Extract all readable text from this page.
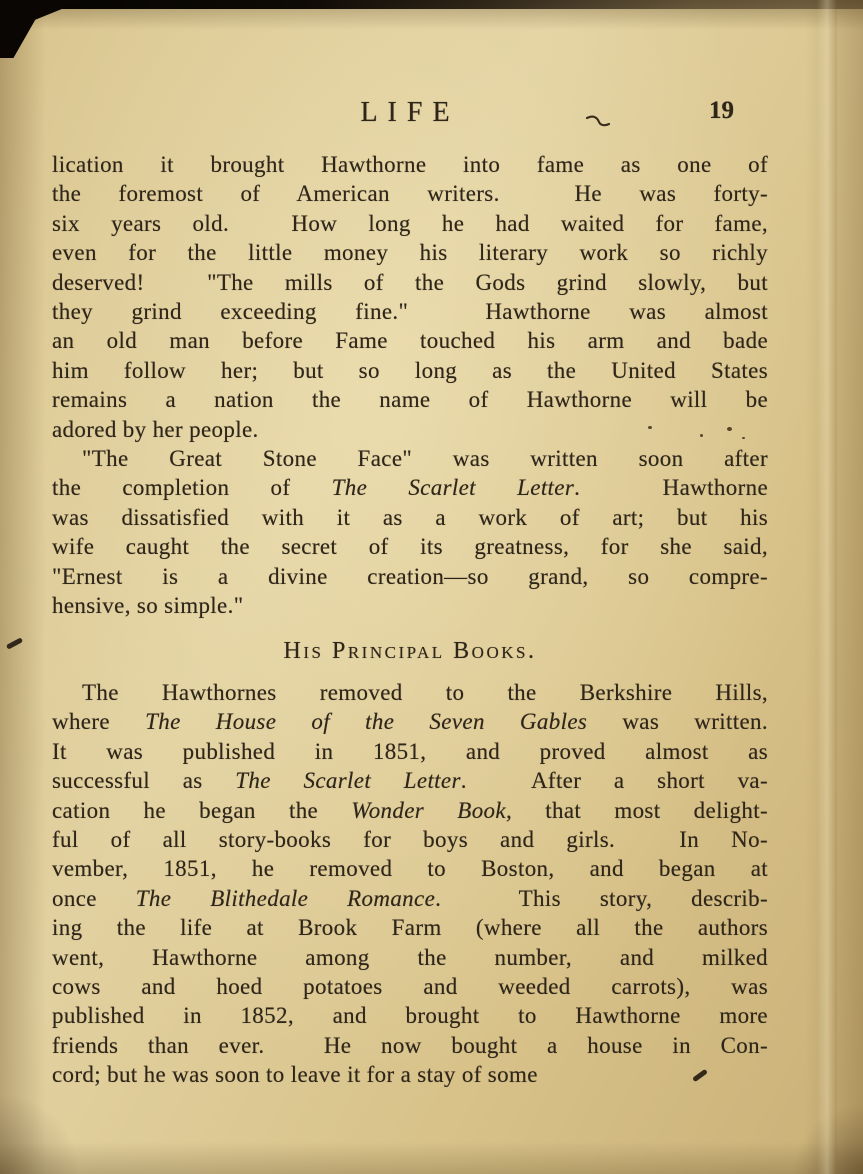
LIFE	19
lication it brought Hawthorne into fame as one of
the foremost of American writers.  He was forty-
six years old.  How long he had waited for fame,
even for the little money his literary work so richly
deserved!  "The mills of the Gods grind slowly, but
they grind exceeding fine."  Hawthorne was almost
an old man before Fame touched his arm and bade
him follow her; but so long as the United States
remains a nation the name of Hawthorne will be
adored by her people.
"The Great Stone Face" was written soon after
the completion of The Scarlet Letter.  Hawthorne
was dissatisfied with it as a work of art; but his
wife caught the secret of its greatness, for she said,
"Ernest is a divine creation—so grand, so compre-
hensive, so simple."
His Principal Books.
The Hawthornes removed to the Berkshire Hills,
where The House of the Seven Gables was written.
It was published in 1851, and proved almost as
successful as The Scarlet Letter.  After a short va-
cation he began the Wonder Book, that most delight-
ful of all story-books for boys and girls.  In No-
vember, 1851, he removed to Boston, and began at
once The Blithedale Romance.  This story, describ-
ing the life at Brook Farm (where all the authors
went, Hawthorne among the number, and milked
cows and hoed potatoes and weeded carrots), was
published in 1852, and brought to Hawthorne more
friends than ever.  He now bought a house in Con-
cord; but he was soon to leave it for a stay of some
